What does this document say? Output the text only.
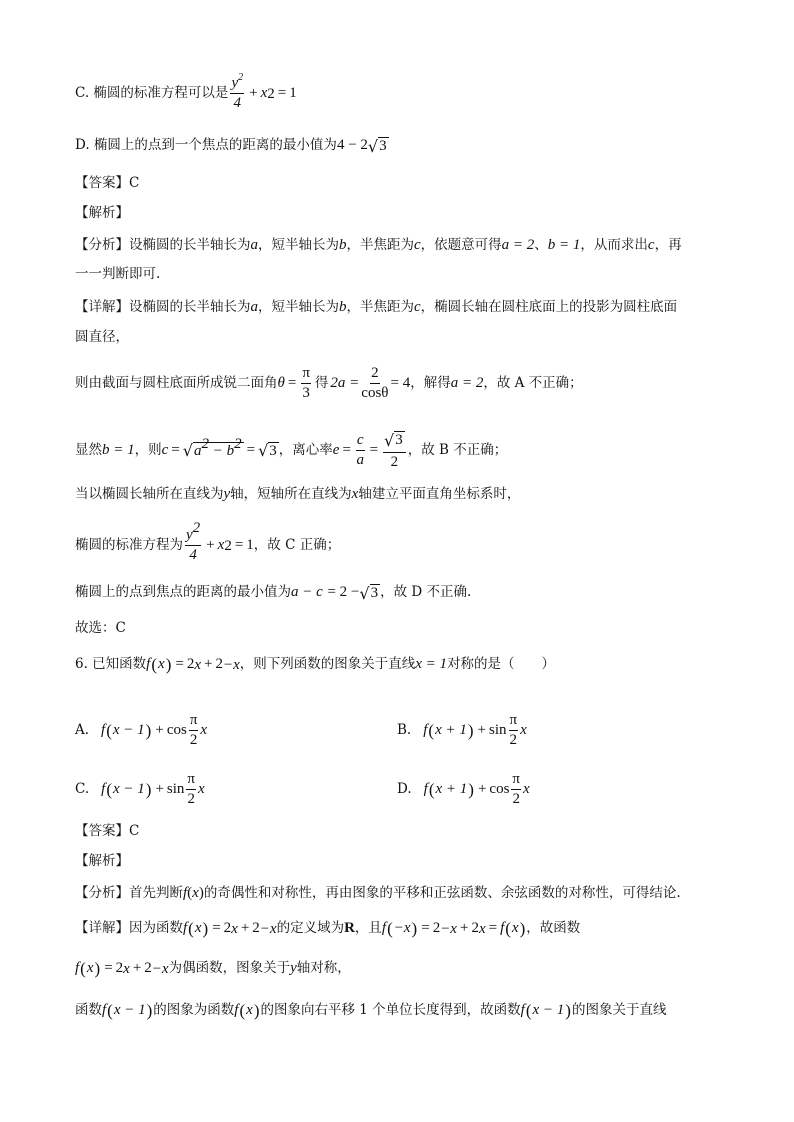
C. 椭圆的标准方程可以是 $\frac{y^2}{4} + x$ 2 = 1
D. 椭圆上的点到一个焦点的距离的最小值为 4 − 2 √ 3
【答案】C
【解析】
【分析】设椭圆的长半轴长为 a ，短半轴长为 b ，半焦距为 c ，依题意可得 a = 2 、 b = 1 ，从而求出 c ，再
一一判断即可.
【详解】设椭圆的长半轴长为 a ，短半轴长为 b ，半焦距为 c ，椭圆长轴在圆柱底面上的投影为圆柱底面
圆直径，
则由截面与圆柱底面所成锐二面角 $\theta = \frac{\pi}{3}$ 得 $2a = \frac{2}{\cos\theta} = 4$ ，解得 a = 2 ，故 A 不正确；
显然 b = 1 ，则 c = √ $a^2 - b^2$ = √ 3 ，离心率 $e = \frac{c}{a} = \frac{√ 3}{2}$ ，故 B 不正确；
当以椭圆长轴所在直线为 y 轴，短轴所在直线为 x 轴建立平面直角坐标系时，
椭圆的标准方程为 $\frac{y^2}{4} + x$ 2 = 1 ，故 C 正确；
椭圆上的点到焦点的距离的最小值为 a − c = 2 − √ 3 ，故 D 不正确.
故选：C
6. 已知函数 f ( x ) = 2 x + 2 −x ，则下列函数的图象关于直线 x = 1 对称的是（　　）
A. f ( x − 1 ) + $\cos \frac{\pi}{2}$ x	B. f ( x + 1 ) + $\sin \frac{\pi}{2}$ x
C. f ( x − 1 ) + $\sin \frac{\pi}{2}$ x	D. f ( x + 1 ) + $\cos \frac{\pi}{2}$ x
【答案】C
【解析】
【分析】首先判断 f ( x ) 的奇偶性和对称性，再由图象的平移和正弦函数、余弦函数的对称性，可得结论.
【详解】因为函数 f ( x ) = 2 x + 2 −x 的定义域为 R ，且 f ( −x ) = 2 −x + 2 x = f ( x ) ，故函数
f ( x ) = 2 x + 2 −x 为偶函数，图象关于 y 轴对称，
函数 f ( x − 1 ) 的图象为函数 f ( x ) 的图象向右平移 1 个单位长度得到，故函数 f ( x − 1 ) 的图象关于直线
